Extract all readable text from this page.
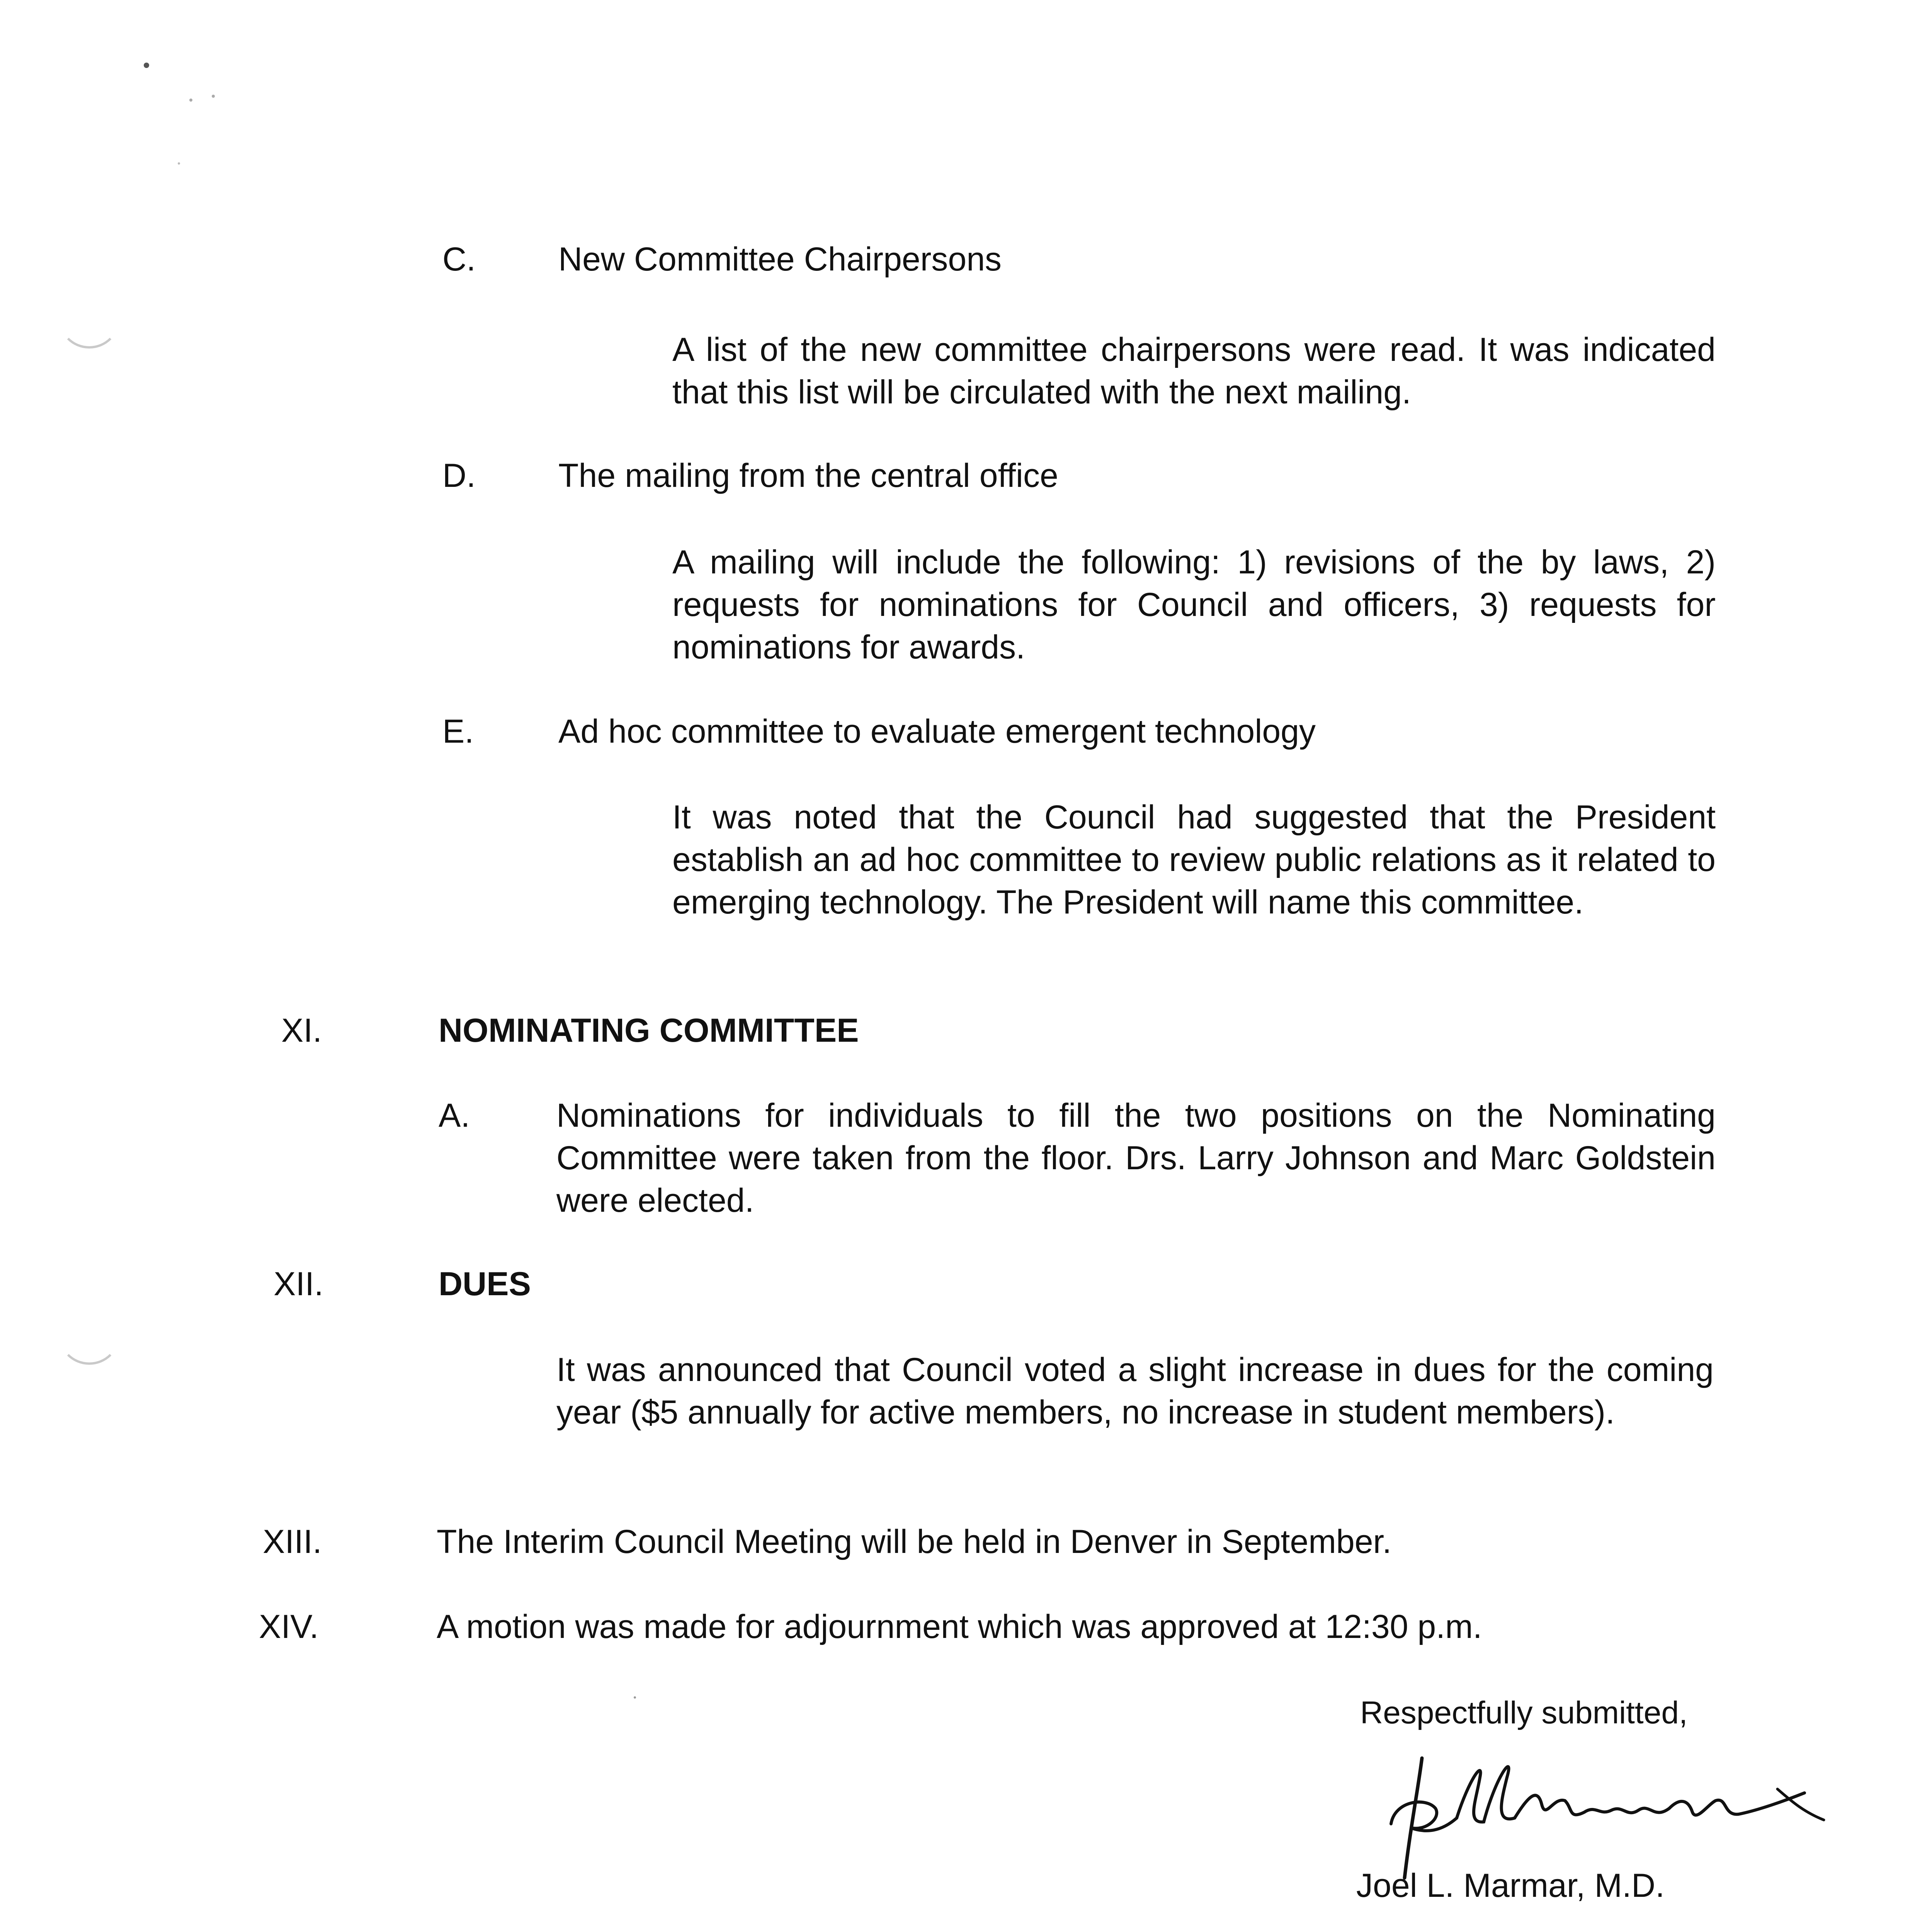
C. New Committee Chairpersons
A list of the new committee chairpersons were read. It was indicated that this list will be circulated with the next mailing.
D. The mailing from the central office
A mailing will include the following: 1) revisions of the by laws, 2) requests for nominations for Council and officers, 3) requests for nominations for awards.
E.	Ad hoc committee to evaluate emergent technology
It was noted that the Council had suggested that the President establish an ad hoc committee to review public relations as it related to emerging technology. The President will name this committee.
XI.	NOMINATING COMMITTEE
A.	Nominations for individuals to fill the two positions on the Nominating Committee were taken from the floor. Drs. Larry Johnson and Marc Goldstein were elected.
XII.	DUES
It was announced that Council voted a slight increase in dues for the coming year ($5 annually for active members, no increase in student members).
XIII.	The Interim Council Meeting will be held in Denver in September.
XIV.	A motion was made for adjournment which was approved at 12:30 p.m.
Respectfully submitted,
Joel L. Marmar, M.D.
